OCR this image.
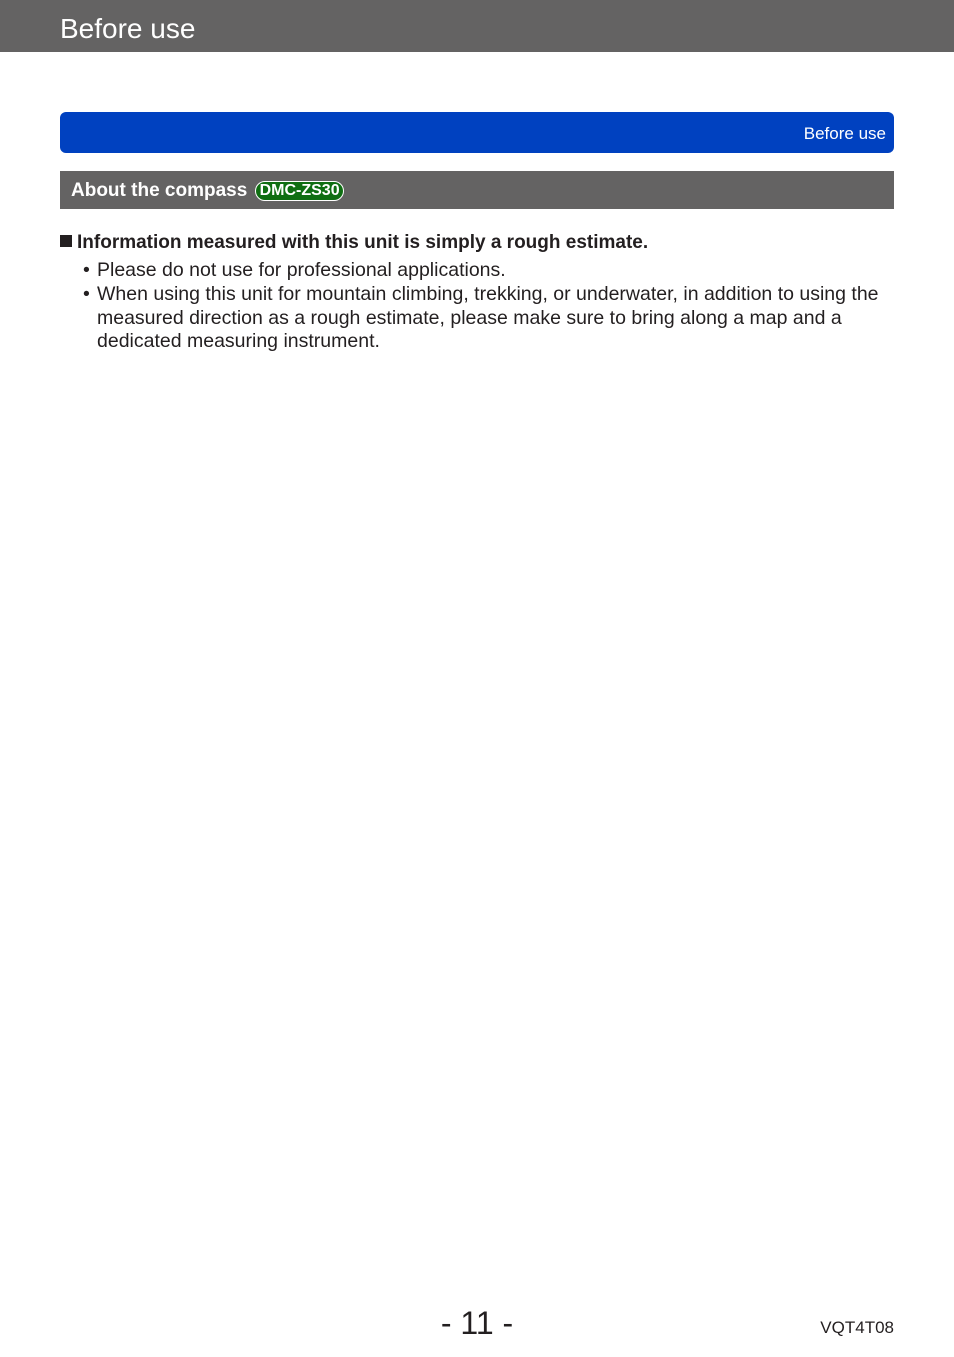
Before use
Before use
About the compass DMC-ZS30
Information measured with this unit is simply a rough estimate.
• Please do not use for professional applications.
• When using this unit for mountain climbing, trekking, or underwater, in addition to using the measured direction as a rough estimate, please make sure to bring along a map and a dedicated measuring instrument.
- 11 -	VQT4T08
